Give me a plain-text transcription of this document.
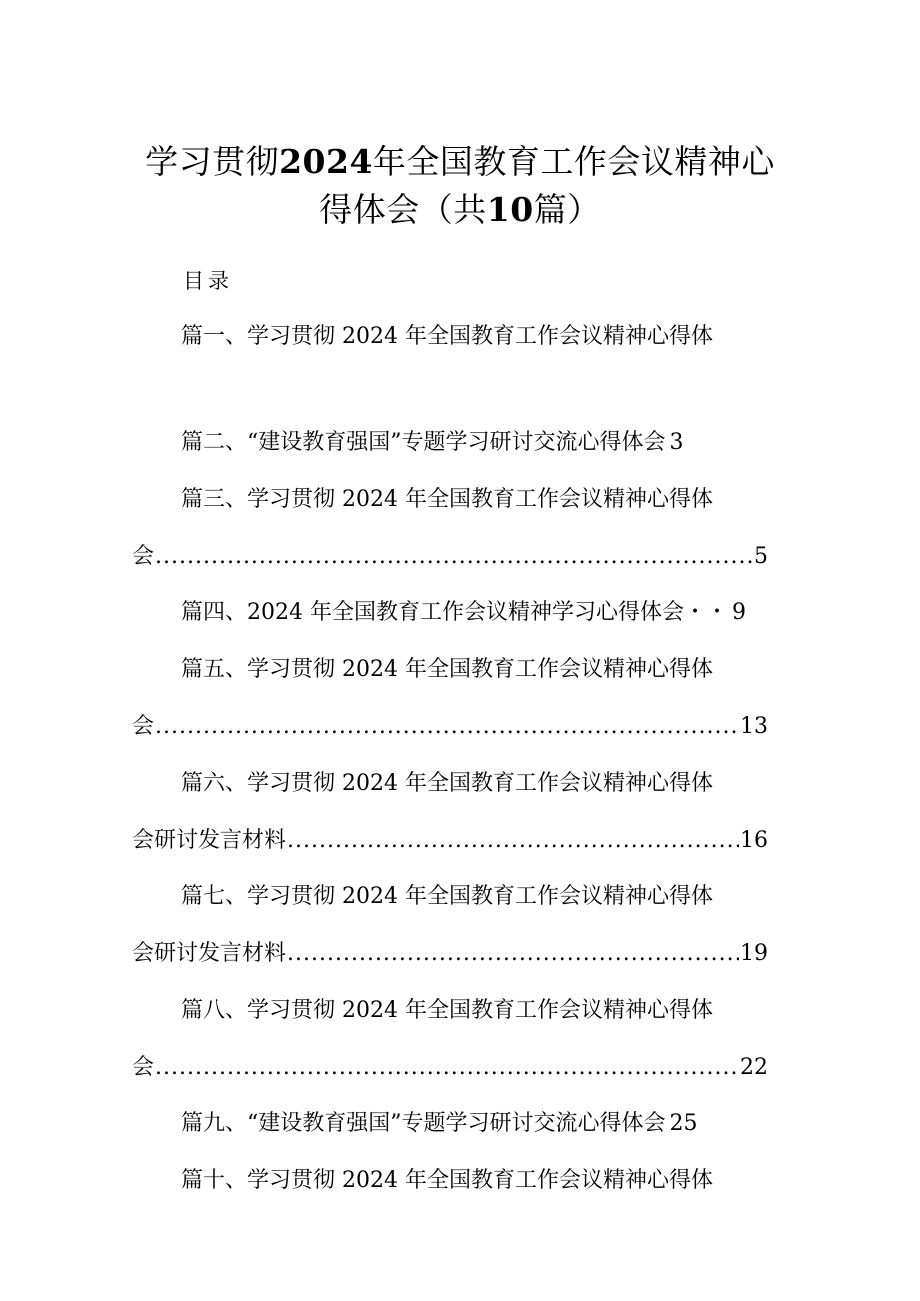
学习贯彻2024年全国教育工作会议精神心
得体会（共10篇）
目录
篇一、学习贯彻 2024 年全国教育工作会议精神心得体
篇二、“建设教育强国”专题学习研讨交流心得体会 3
篇三、学习贯彻 2024 年全国教育工作会议精神心得体
会 .....	5
篇四、2024 年全国教育工作会议精神学习心得体会・・ 9
篇五、学习贯彻 2024 年全国教育工作会议精神心得体
会 .....	13
篇六、学习贯彻 2024 年全国教育工作会议精神心得体
会研讨发言材料 .....	16
篇七、学习贯彻 2024 年全国教育工作会议精神心得体
会研讨发言材料 .....	19
篇八、学习贯彻 2024 年全国教育工作会议精神心得体
会 .....	22
篇九、“建设教育强国”专题学习研讨交流心得体会 25
篇十、学习贯彻 2024 年全国教育工作会议精神心得体
